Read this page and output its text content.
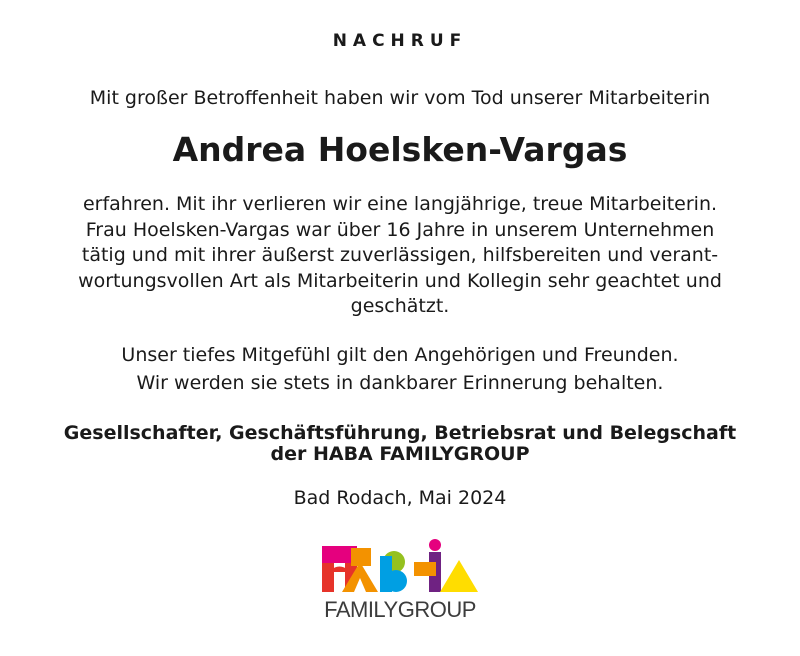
NACHRUF
Mit großer Betroffenheit haben wir vom Tod unserer Mitarbeiterin
Andrea Hoelsken-Vargas
erfahren. Mit ihr verlieren wir eine langjährige, treue Mitarbeiterin.
Frau Hoelsken-Vargas war über 16 Jahre in unserem Unternehmen
tätig und mit ihrer äußerst zuverlässigen, hilfsbereiten und verant-
wortungsvollen Art als Mitarbeiterin und Kollegin sehr geachtet und
geschätzt.
Unser tiefes Mitgefühl gilt den Angehörigen und Freunden.
Wir werden sie stets in dankbarer Erinnerung behalten.
Gesellschafter, Geschäftsführung, Betriebsrat und Belegschaft
der HABA FAMILYGROUP
Bad Rodach, Mai 2024
FAMILYGROUP
